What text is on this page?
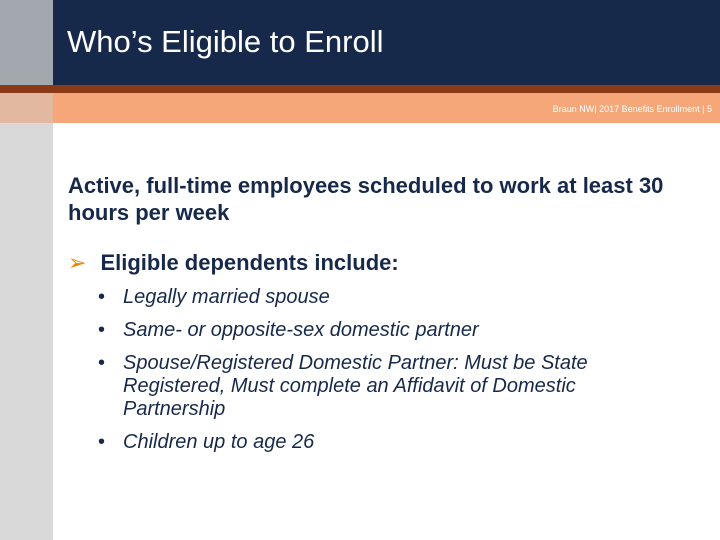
Who’s Eligible to Enroll
Braun NW| 2017 Benefits Enrollment | 5

Active, full-time employees scheduled to work at least 30 hours per week

➢ Eligible dependents include:
• Legally married spouse
• Same- or opposite-sex domestic partner
• Spouse/Registered Domestic Partner: Must be State Registered, Must complete an Affidavit of Domestic Partnership
• Children up to age 26
